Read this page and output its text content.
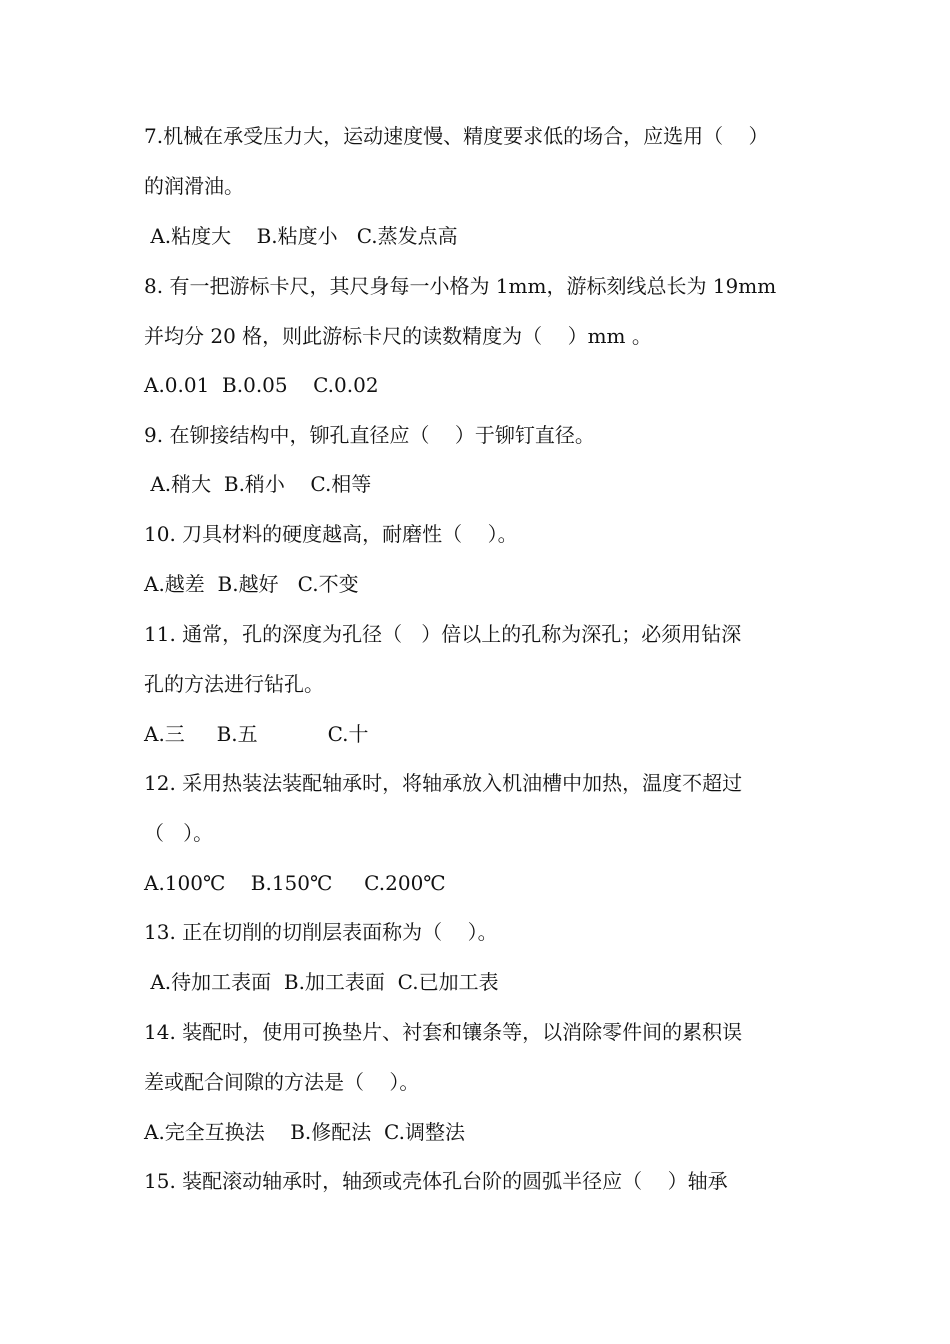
7.机械在承受压力大，运动速度慢、精度要求低的场合，应选用（    ）
的润滑油。
A.粘度大    B.粘度小   C.蒸发点高
8. 有一把游标卡尺，其尺身每一小格为 1mm，游标刻线总长为 19mm
并均分 20 格，则此游标卡尺的读数精度为（    ）mm 。
A.0.01  B.0.05    C.0.02
9. 在铆接结构中，铆孔直径应（    ）于铆钉直径。
A.稍大  B.稍小    C.相等
10. 刀具材料的硬度越高，耐磨性（    ）。
A.越差  B.越好   C.不变
11. 通常，孔的深度为孔径（   ）倍以上的孔称为深孔；必须用钻深
孔的方法进行钻孔。
A.三     B.五           C.十
12. 采用热装法装配轴承时，将轴承放入机油槽中加热，温度不超过
（   ）。
A.100℃    B.150℃     C.200℃
13. 正在切削的切削层表面称为（    ）。
A.待加工表面  B.加工表面  C.已加工表
14. 装配时，使用可换垫片、衬套和镶条等，以消除零件间的累积误
差或配合间隙的方法是（    ）。
A.完全互换法    B.修配法  C.调整法
15. 装配滚动轴承时，轴颈或壳体孔台阶的圆弧半径应（    ）轴承
